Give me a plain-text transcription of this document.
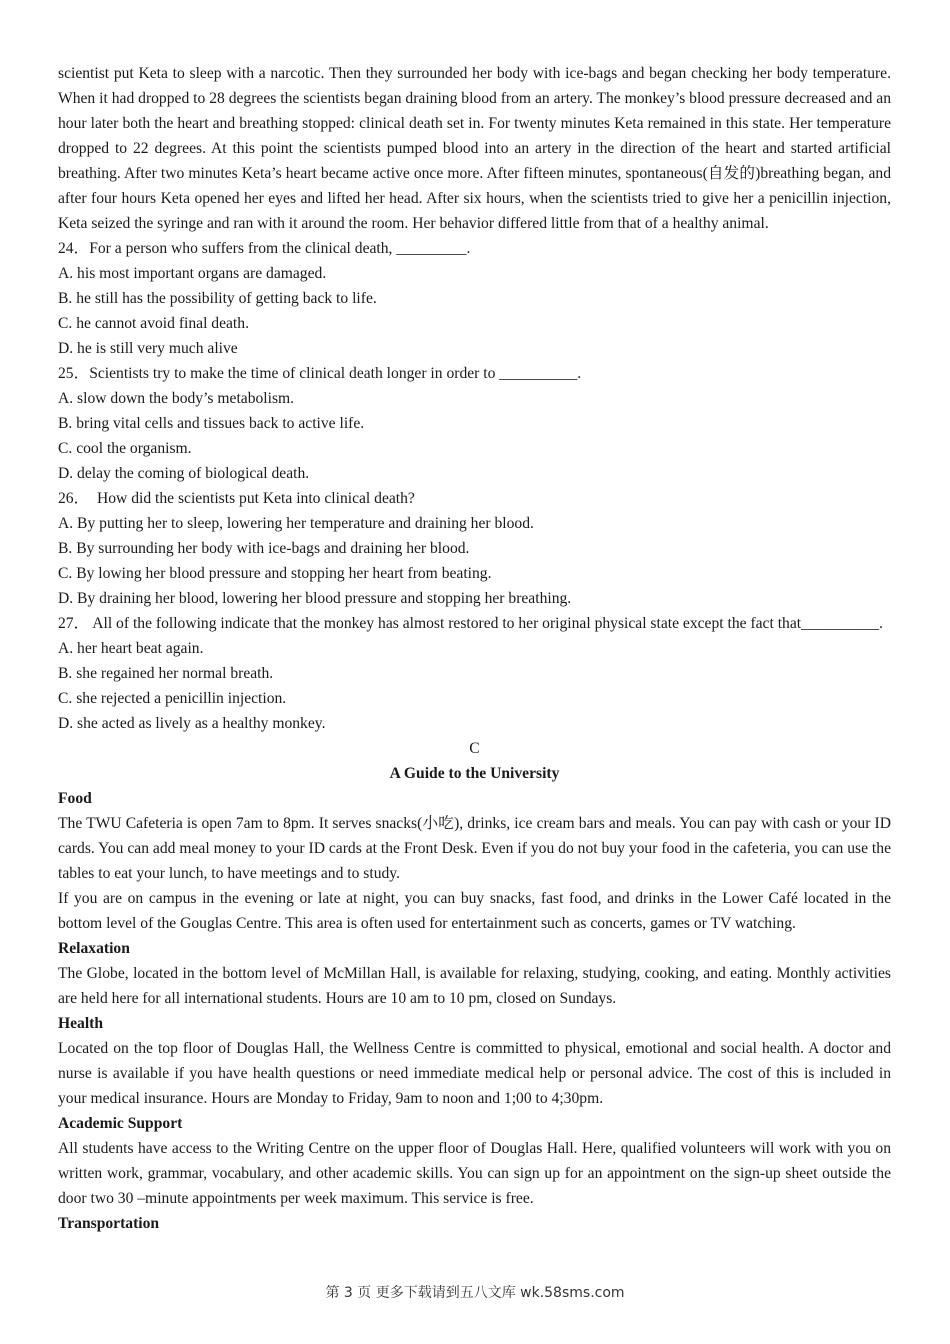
scientist put Keta to sleep with a narcotic. Then they surrounded her body with ice-bags and began checking her body temperature. When it had dropped to 28 degrees the scientists began draining blood from an artery. The monkey’s blood pressure decreased and an hour later both the heart and breathing stopped: clinical death set in. For twenty minutes Keta remained in this state. Her temperature dropped to 22 degrees. At this point the scientists pumped blood into an artery in the direction of the heart and started artificial breathing. After two minutes Keta’s heart became active once more. After fifteen minutes, spontaneous(自发的)breathing began, and after four hours Keta opened her eyes and lifted her head. After six hours, when the scientists tried to give her a penicillin injection, Keta seized the syringe and ran with it around the room. Her behavior differed little from that of a healthy animal.

24．For a person who suffers from the clinical death, _________.

A. his most important organs are damaged.

B. he still has the possibility of getting back to life.

C. he cannot avoid final death.

D. he is still very much alive

25．Scientists try to make the time of clinical death longer in order to __________.

A. slow down the body’s metabolism.

B. bring vital cells and tissues back to active life.

C. cool the organism.

D. delay the coming of biological death.

26．  How did the scientists put Keta into clinical death?

A. By putting her to sleep, lowering her temperature and draining her blood.

B. By surrounding her body with ice-bags and draining her blood.

C. By lowing her blood pressure and stopping her heart from beating.

D. By draining her blood, lowering her blood pressure and stopping her breathing.

27． All of the following indicate that the monkey has almost restored to her original physical state except the fact that__________.

A. her heart beat again.

B. she regained her normal breath.

C. she rejected a penicillin injection.

D. she acted as lively as a healthy monkey.

C

A Guide to the University

Food

The TWU Cafeteria is open 7am to 8pm. It serves snacks(小吃), drinks, ice cream bars and meals. You can pay with cash or your ID cards. You can add meal money to your ID cards at the Front Desk. Even if you do not buy your food in the cafeteria, you can use the tables to eat your lunch, to have meetings and to study.

If you are on campus in the evening or late at night, you can buy snacks, fast food, and drinks in the Lower Café located in the bottom level of the Gouglas Centre. This area is often used for entertainment such as concerts, games or TV watching.

Relaxation

The Globe, located in the bottom level of McMillan Hall, is available for relaxing, studying, cooking, and eating. Monthly activities are held here for all international students. Hours are 10 am to 10 pm, closed on Sundays.

Health

Located on the top floor of Douglas Hall, the Wellness Centre is committed to physical, emotional and social health. A doctor and nurse is available if you have health questions or need immediate medical help or personal advice. The cost of this is included in your medical insurance. Hours are Monday to Friday, 9am to noon and 1;00 to 4;30pm.

Academic Support

All students have access to the Writing Centre on the upper floor of Douglas Hall. Here, qualified volunteers will work with you on written work, grammar, vocabulary, and other academic skills. You can sign up for an appointment on the sign-up sheet outside the door two 30 –minute appointments per week maximum. This service is free.

Transportation

第 3 页 更多下载请到五八文库 wk.58sms.com
